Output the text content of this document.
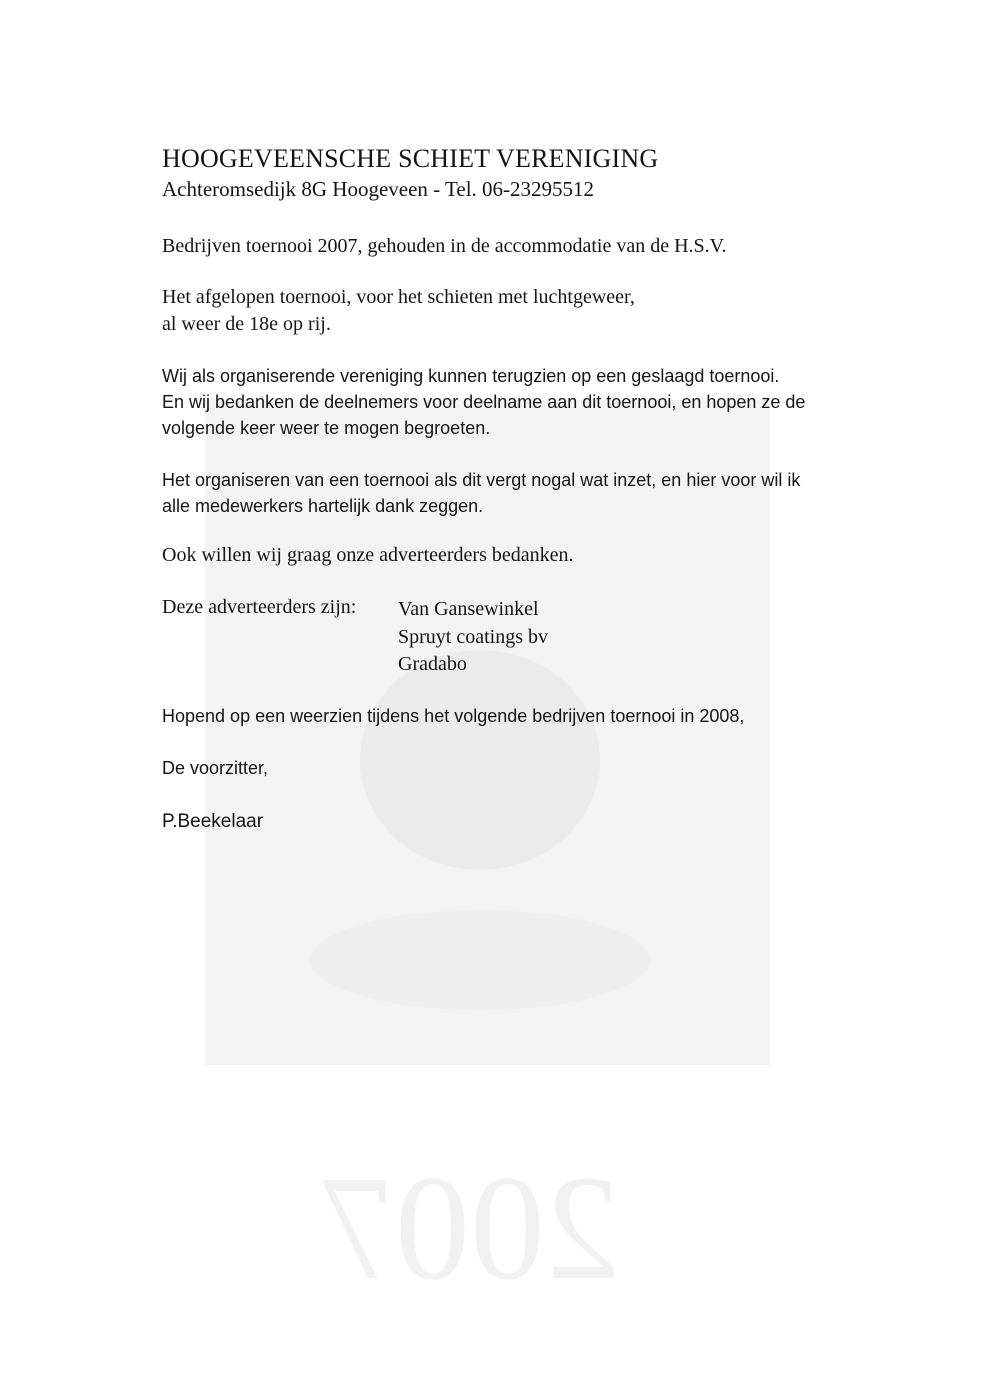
2007
HOOGEVEENSCHE SCHIET VERENIGING
Achteromsedijk 8G Hoogeveen - Tel. 06-23295512
Bedrijven toernooi 2007, gehouden in de accommodatie van de H.S.V.
Het afgelopen toernooi, voor het schieten met luchtgeweer,
al weer de 18e op rij.
Wij als organiserende vereniging kunnen terugzien op een geslaagd toernooi.
En wij bedanken de deelnemers voor deelname aan dit toernooi, en hopen ze de
volgende keer weer te mogen begroeten.
Het organiseren van een toernooi als dit vergt nogal wat inzet, en hier voor wil ik
alle medewerkers hartelijk dank zeggen.
Ook willen wij graag onze adverteerders bedanken.
Deze adverteerders zijn: Van Gansewinkel
Spruyt coatings bv
Gradabo
Hopend op een weerzien tijdens het volgende bedrijven toernooi in 2008,
De voorzitter,
P.Beekelaar
